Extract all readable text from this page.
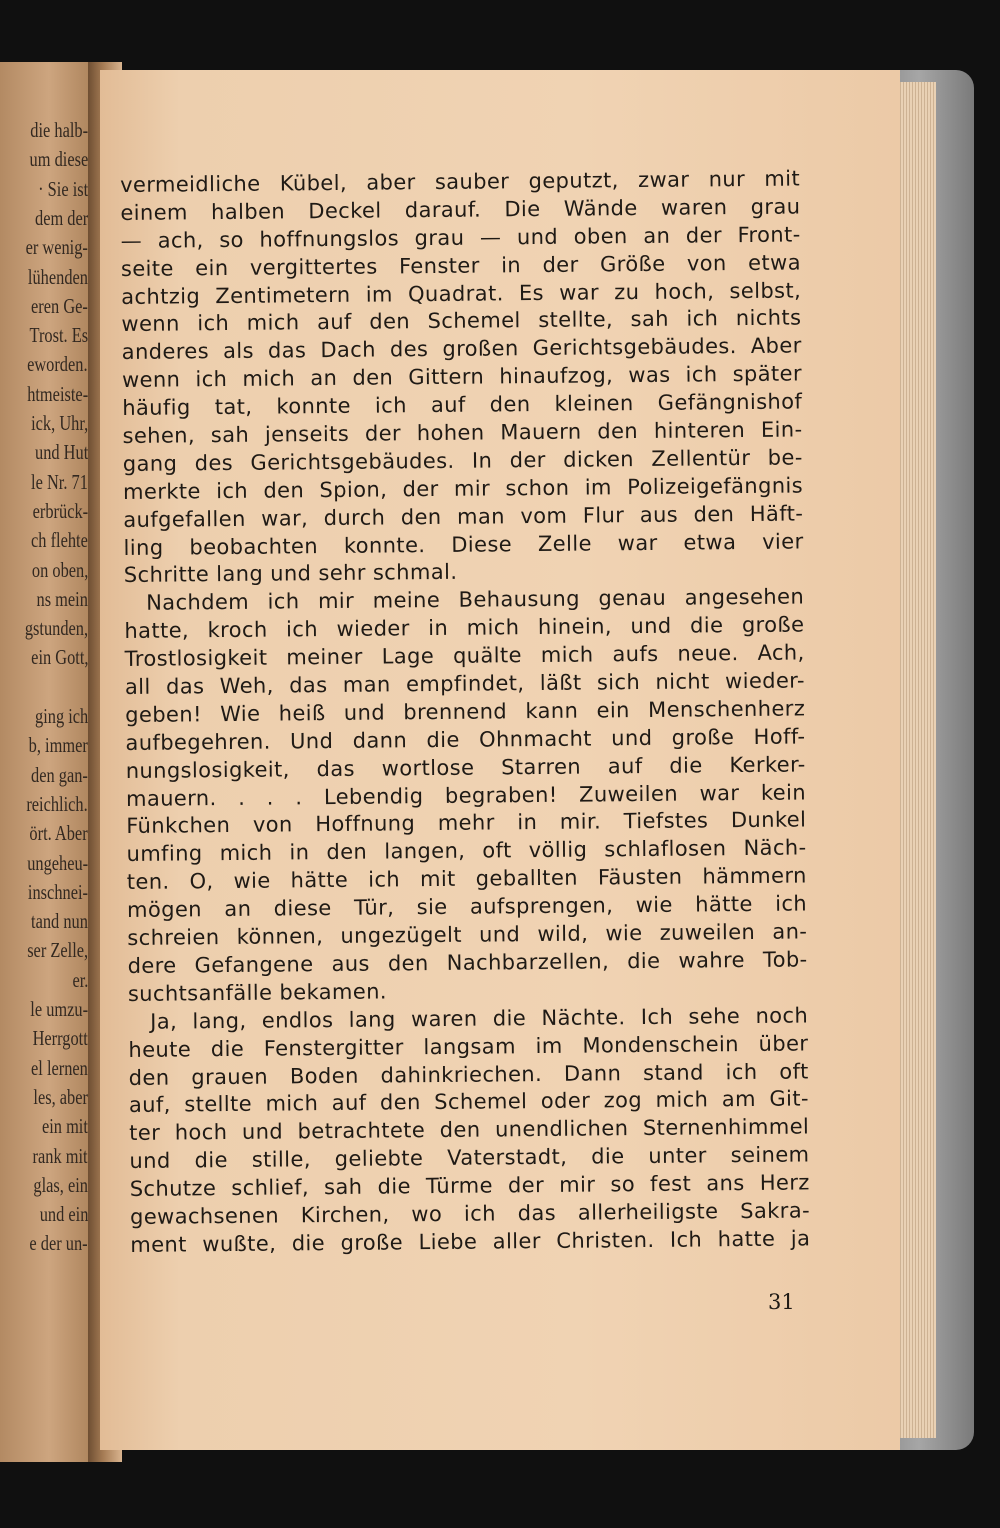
die halb-
um diese
· Sie ist
dem der
er wenig-
lühenden
eren Ge-
Trost. Es
eworden.
htmeiste-
ick, Uhr,
und Hut
le Nr. 71
erbrück-
ch flehte
on oben,
ns mein
gstunden,
ein Gott,
ging ich
b, immer
den gan-
reichlich.
ört. Aber
ungeheu-
inschnei-
tand nun
ser Zelle,
er.
le umzu-
Herrgott
el lernen
les, aber
ein mit
rank mit
glas, ein
und ein
e der un-
vermeidliche Kübel, aber sauber geputzt, zwar nur mit
einem halben Deckel darauf. Die Wände waren grau
— ach, so hoffnungslos grau — und oben an der Front-
seite ein vergittertes Fenster in der Größe von etwa
achtzig Zentimetern im Quadrat. Es war zu hoch, selbst,
wenn ich mich auf den Schemel stellte, sah ich nichts
anderes als das Dach des großen Gerichtsgebäudes. Aber
wenn ich mich an den Gittern hinaufzog, was ich später
häufig tat, konnte ich auf den kleinen Gefängnishof
sehen, sah jenseits der hohen Mauern den hinteren Ein-
gang des Gerichtsgebäudes. In der dicken Zellentür be-
merkte ich den Spion, der mir schon im Polizeigefängnis
aufgefallen war, durch den man vom Flur aus den Häft-
ling beobachten konnte. Diese Zelle war etwa vier
Schritte lang und sehr schmal.
Nachdem ich mir meine Behausung genau angesehen
hatte, kroch ich wieder in mich hinein, und die große
Trostlosigkeit meiner Lage quälte mich aufs neue. Ach,
all das Weh, das man empfindet, läßt sich nicht wieder-
geben! Wie heiß und brennend kann ein Menschenherz
aufbegehren. Und dann die Ohnmacht und große Hoff-
nungslosigkeit, das wortlose Starren auf die Kerker-
mauern. . . . Lebendig begraben! Zuweilen war kein
Fünkchen von Hoffnung mehr in mir. Tiefstes Dunkel
umfing mich in den langen, oft völlig schlaflosen Näch-
ten. O, wie hätte ich mit geballten Fäusten hämmern
mögen an diese Tür, sie aufsprengen, wie hätte ich
schreien können, ungezügelt und wild, wie zuweilen an-
dere Gefangene aus den Nachbarzellen, die wahre Tob-
suchtsanfälle bekamen.
Ja, lang, endlos lang waren die Nächte. Ich sehe noch
heute die Fenstergitter langsam im Mondenschein über
den grauen Boden dahinkriechen. Dann stand ich oft
auf, stellte mich auf den Schemel oder zog mich am Git-
ter hoch und betrachtete den unendlichen Sternenhimmel
und die stille, geliebte Vaterstadt, die unter seinem
Schutze schlief, sah die Türme der mir so fest ans Herz
gewachsenen Kirchen, wo ich das allerheiligste Sakra-
ment wußte, die große Liebe aller Christen. Ich hatte ja
31
